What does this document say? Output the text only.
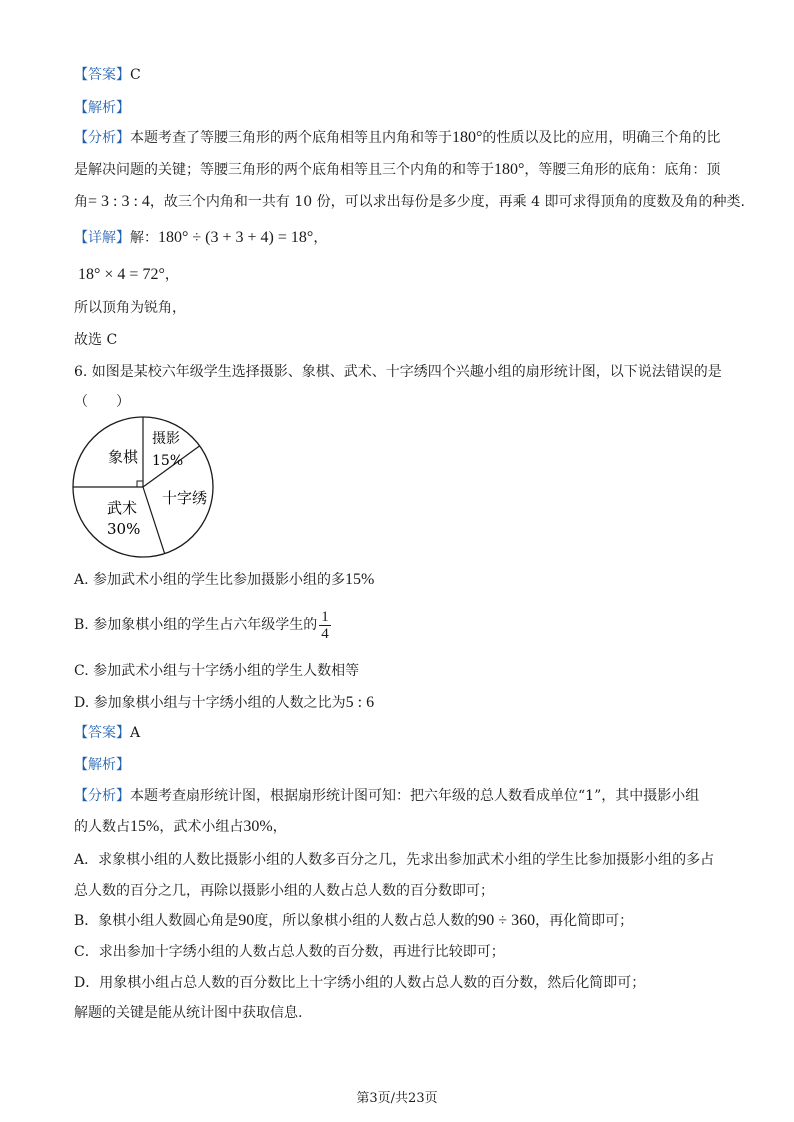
【答案】C
【解析】
【分析】本题考查了等腰三角形的两个底角相等且内角和等于180°的性质以及比的应用，明确三个角的比
是解决问题的关键；等腰三角形的两个底角相等且三个内角的和等于180°，等腰三角形的底角：底角：顶
角= 3 : 3 : 4，故三个内角和一共有 10 份，可以求出每份是多少度，再乘 4 即可求得顶角的度数及角的种类.
【详解】解：180° ÷ (3 + 3 + 4) = 18°，
18° × 4 = 72°，
所以顶角为锐角，
故选 C
6. 如图是某校六年级学生选择摄影、象棋、武术、十字绣四个兴趣小组的扇形统计图，以下说法错误的是
（　　）
象棋
摄影
15%
十字绣
武术
30%
A. 参加武术小组的学生比参加摄影小组的多15%
B. 参加象棋小组的学生占六年级学生的 $\frac{1}{4}$
C. 参加武术小组与十字绣小组的学生人数相等
D. 参加象棋小组与十字绣小组的人数之比为5 : 6
【答案】A
【解析】
【分析】本题考查扇形统计图，根据扇形统计图可知：把六年级的总人数看成单位“1”，其中摄影小组
的人数占15%，武术小组占30%，
A．求象棋小组的人数比摄影小组的人数多百分之几，先求出参加武术小组的学生比参加摄影小组的多占
总人数的百分之几，再除以摄影小组的人数占总人数的百分数即可；
B．象棋小组人数圆心角是90度，所以象棋小组的人数占总人数的90 ÷ 360，再化简即可；
C．求出参加十字绣小组的人数占总人数的百分数，再进行比较即可；
D．用象棋小组占总人数的百分数比上十字绣小组的人数占总人数的百分数，然后化简即可；
解题的关键是能从统计图中获取信息.
第3页/共23页
